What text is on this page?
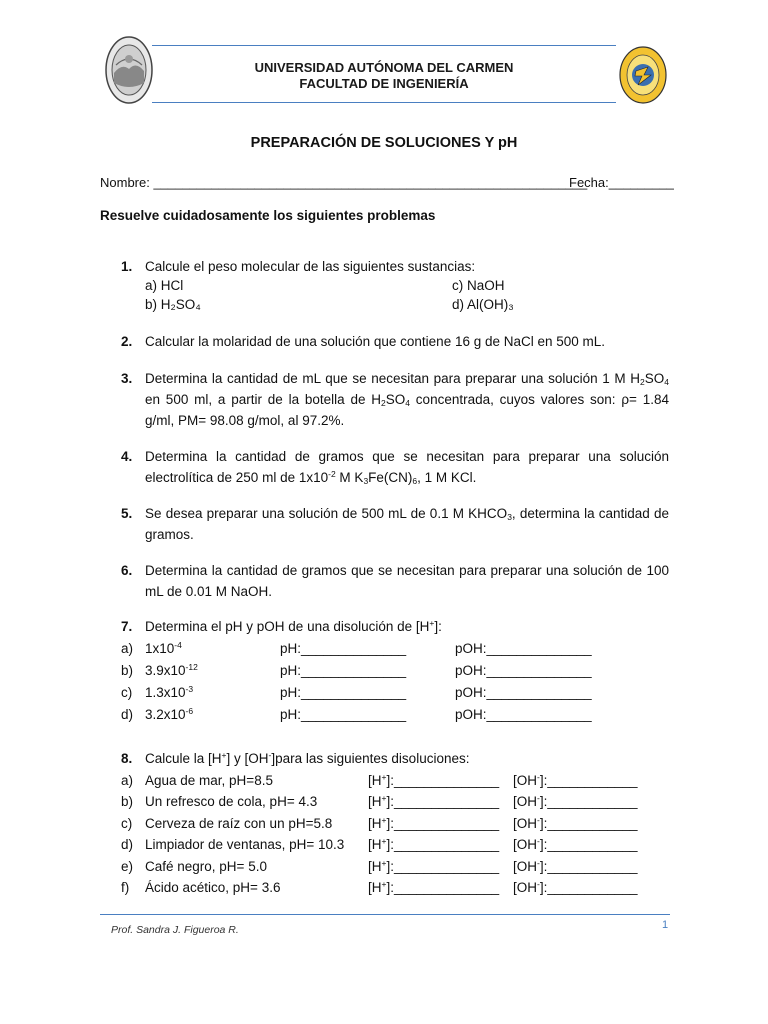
UNIVERSIDAD AUTÓNOMA DEL CARMEN
FACULTAD DE INGENIERÍA
PREPARACIÓN DE SOLUCIONES Y pH
Nombre: ____________________________________________________________
Fecha:_________
Resuelve cuidadosamente los siguientes problemas
1. Calcule el peso molecular de las siguientes sustancias:
a) HCl	c) NaOH
b) H₂SO₄	d) Al(OH)₃
2. Calcular la molaridad de una solución que contiene 16 g de NaCl en 500 mL.
3. Determina la cantidad de mL que se necesitan para preparar una solución 1 M $H_2SO_4$ en 500 ml, a partir de la botella de $H_2SO_4$ concentrada, cuyos valores son: ρ= 1.84 g/ml, PM= 98.08 g/mol, al 97.2%.
4. Determina la cantidad de gramos que se necesitan para preparar una solución electrolítica de 250 ml de $1x10^{-2}$ M $K_3Fe(CN)_6$, 1 M KCl.
5. Se desea preparar una solución de 500 mL de 0.1 M $KHCO_3$, determina la cantidad de gramos.
6. Determina la cantidad de gramos que se necesitan para preparar una solución de 100 mL de 0.01 M NaOH.
7. Determina el pH y pOH de una disolución de [H+]:
a) $1x10^{-4}$	pH:______________	pOH:______________
b) $3.9x10^{-12}$	pH:______________	pOH:______________
c) $1.3x10^{-3}$	pH:______________	pOH:______________
d) $3.2x10^{-6}$	pH:______________	pOH:______________
8. Calcule la [H+] y [OH-]para las siguientes disoluciones:
a) Agua de mar, pH=8.5	[H+]:______________ [OH-]:____________
b) Un refresco de cola, pH= 4.3	[H+]:______________ [OH-]:____________
c) Cerveza de raíz con un pH=5.8	[H+]:______________ [OH-]:____________
d) Limpiador de ventanas, pH= 10.3 [H+]:______________ [OH-]:____________
e) Café negro, pH= 5.0	[H+]:______________ [OH-]:____________
f) Ácido acético, pH= 3.6	[H+]:______________ [OH-]:____________
Prof. Sandra J. Figueroa R.	1
